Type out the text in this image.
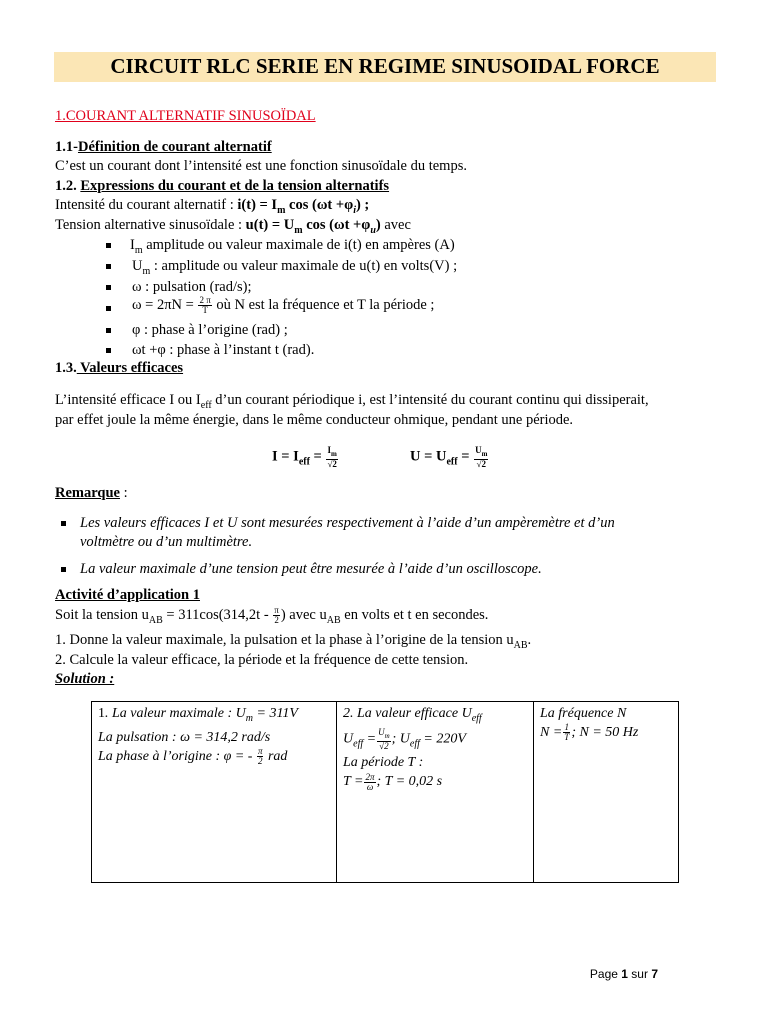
CIRCUIT RLC SERIE EN REGIME SINUSOIDAL FORCE
1.COURANT ALTERNATIF SINUSOÏDAL
1.1-Définition de courant alternatif
C’est un courant dont l’intensité est une fonction sinusoïdale du temps.
1.2. Expressions du courant et de la tension alternatifs
Intensité du courant alternatif : $i(t) = I_m$ $\cos (\omega t +\varphi_i)$ ;
Tension alternative sinusoïdale : $u(t) = U_m$ $\cos (\omega t +\varphi_u)$ avec
$I_m$ amplitude ou valeur maximale de i(t) en ampères (A)
$U_m$ : amplitude ou valeur maximale de u(t) en volts(V) ;
ω : pulsation (rad/s);
$\omega = 2\pi N = \frac{2 \pi}{T}$ où N est la fréquence et T la période ;
φ : phase à l’origine (rad) ;
ωt +φ : phase à l’instant t (rad).
1.3. Valeurs efficaces
L’intensité efficace I ou $I_{eff}$ d’un courant périodique i, est l’intensité du courant continu qui dissiperait,
par effet joule la même énergie, dans le même conducteur ohmique, pendant une période.
$I = I_{eff} = \frac{I_m}{√2}$	$U = U_{eff} = \frac{U_m}{√2}$
Remarque :
Les valeurs efficaces I et U sont mesurées respectivement à l’aide d’un ampèremètre et d’un
voltmètre ou d’un multimètre.
La valeur maximale d’une tension peut être mesurée à l’aide d’un oscilloscope.
Activité d’application 1
Soit la tension $u_{AB} = 311\cos(314,2t - \frac{\pi}{2}$ ) avec $u_{AB}$ en volts et t en secondes.
1. Donne la valeur maximale, la pulsation et la phase à l’origine de la tension $u_{AB}$.
2. Calcule la valeur efficace, la période et la fréquence de cette tension.
Solution :
1. La valeur maximale : $U_m = 311V$
La pulsation : ω = 314,2 rad/s
La phase à l’origine : φ = - $\frac{\pi}{2}$ rad

2. La valeur efficace $U_{eff}$
$U_{eff} = \frac{U_m}{√2}$ ; $U_{eff} = 220V$
La période T :
$T = \frac{2\pi}{\omega}$ ; T = 0,02 s

La fréquence N
$N = \frac{1}{T}$ ; N = 50 Hz
Page 1 sur 7
